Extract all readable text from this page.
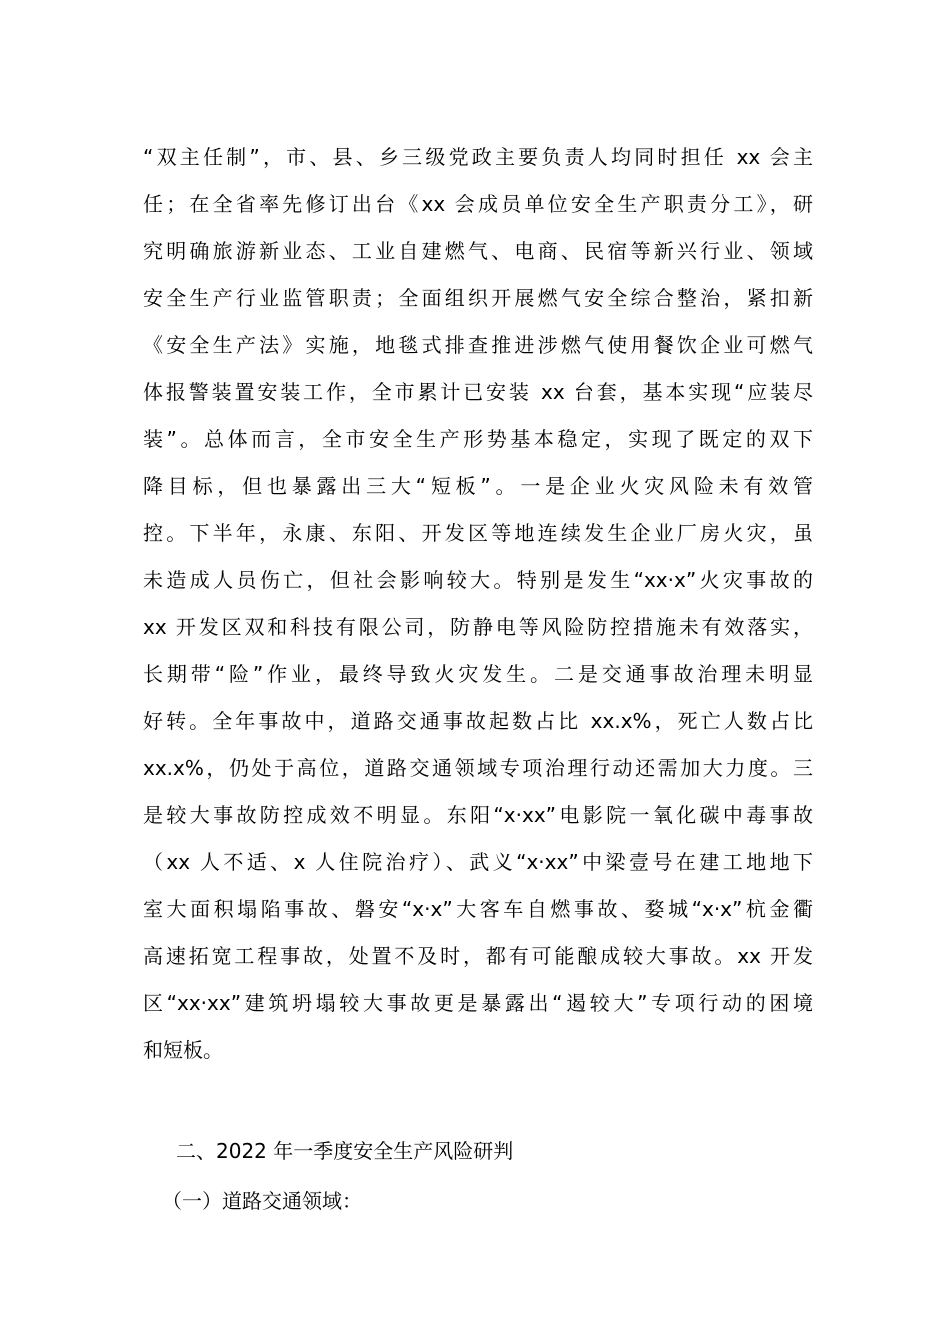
“双主任制”，市、县、乡三级党政主要负责人均同时担任 xx 会主
任；在全省率先修订出台《xx 会成员单位安全生产职责分工》，研
究明确旅游新业态、工业自建燃气、电商、民宿等新兴行业、领域
安全生产行业监管职责；全面组织开展燃气安全综合整治，紧扣新
《安全生产法》实施，地毯式排查推进涉燃气使用餐饮企业可燃气
体报警装置安装工作，全市累计已安装 xx 台套，基本实现“应装尽
装”。总体而言，全市安全生产形势基本稳定，实现了既定的双下
降目标，但也暴露出三大“短板”。一是企业火灾风险未有效管
控。下半年，永康、东阳、开发区等地连续发生企业厂房火灾，虽
未造成人员伤亡，但社会影响较大。特别是发生“xx·x”火灾事故的
xx 开发区双和科技有限公司，防静电等风险防控措施未有效落实，
长期带“险”作业，最终导致火灾发生。二是交通事故治理未明显
好转。全年事故中，道路交通事故起数占比 xx.x%，死亡人数占比
xx.x%，仍处于高位，道路交通领域专项治理行动还需加大力度。三
是较大事故防控成效不明显。东阳“x·xx”电影院一氧化碳中毒事故
（xx 人不适、x 人住院治疗）、武义“x·xx”中梁壹号在建工地地下
室大面积塌陷事故、磐安“x·x”大客车自燃事故、婺城“x·x”杭金衢
高速拓宽工程事故，处置不及时，都有可能酿成较大事故。xx 开发
区“xx·xx”建筑坍塌较大事故更是暴露出“遏较大”专项行动的困境
和短板。
二、2022 年一季度安全生产风险研判
（一）道路交通领域：
